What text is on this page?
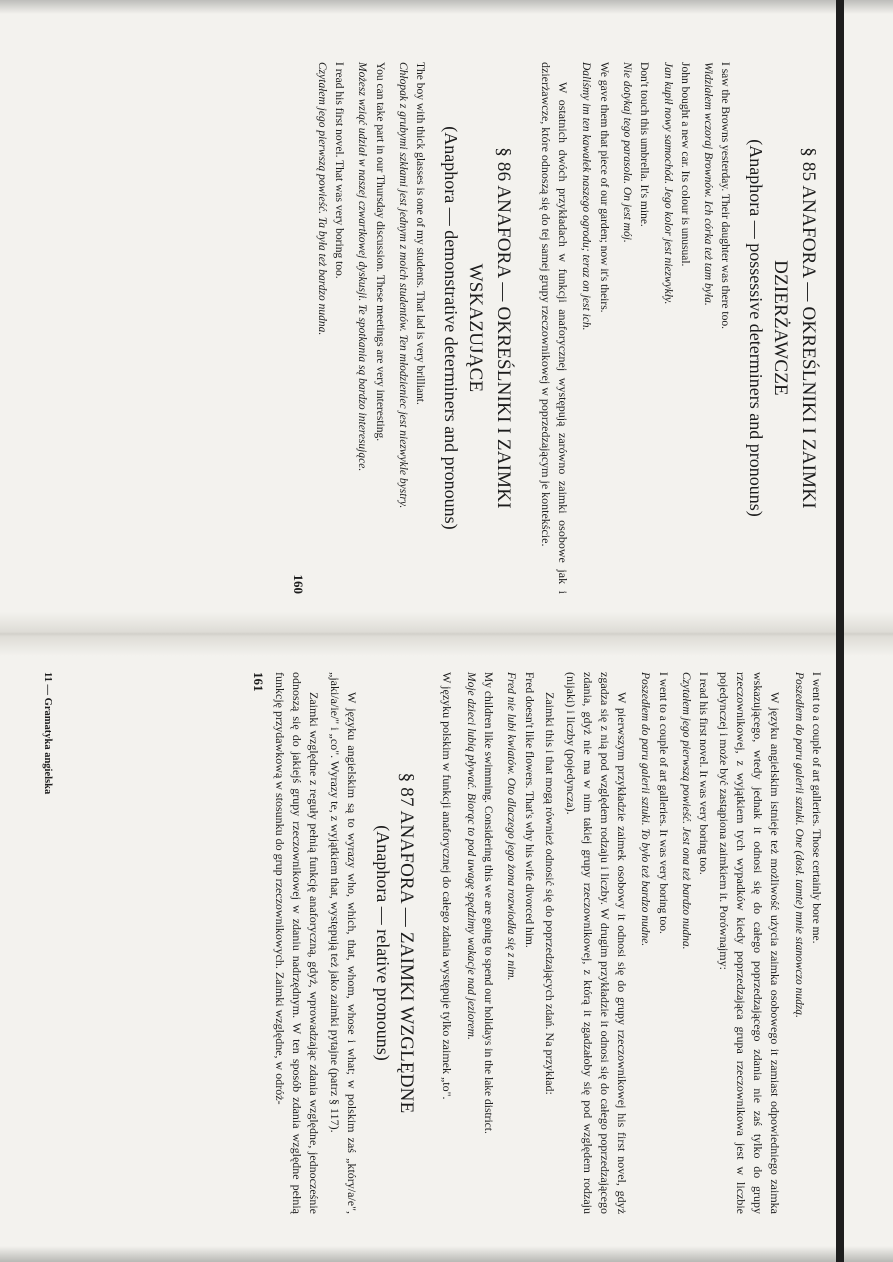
§ 85 ANAFORA — OKREŚLNIKI I ZAIMKI
DZIERŻAWCZE
(Anaphora — possessive determiners and pronouns)

I saw the Browns yesterday. Their daughter was there too.

Widziałem wczoraj Brownów. Ich córka też tam była.

John bought a new car. Its colour is unusual.

Jan kupił nowy samochód. Jego kolor jest niezwykły.

Don't touch this umbrella. It's mine.

Nie dotykaj tego parasola. On jest mój.

We gave them that piece of our garden; now it's theirs.

Daliśmy im ten kawałek naszego ogrodu; teraz on jest ich.

W ostatnich dwóch przykładach w funkcji anaforycznej występują zarówno zaimki osobowe jak i dzierżawcze, które odnoszą się do tej samej grupy rzeczownikowej w poprzedzającym je kontekście.

§ 86 ANAFORA — OKREŚLNIKI I ZAIMKI
WSKAZUJĄCE
(Anaphora — demonstrative determiners and pronouns)

The boy with thick glasses is one of my students. That lad is very brilliant.

Chłopak z grubymi szkłami jest jednym z moich studentów. Ten młodzieniec jest niezwykle bystry.

You can take part in our Thursday discussion. These meetings are very interesting.

Możesz wziąć udział w naszej czwartkowej dyskusji. Te spotkania są bardzo interesujące.

I read his first novel. That was very boring too.

Czytałem jego pierwszą powieść. Ta była też bardzo nudna.

160

I went to a couple of art galleries. Those certainly bore me.

Poszedłem do paru galerii sztuki. One (dosł. tamte) mnie stanowczo nudzą.

W języku angielskim istnieje też możliwość użycia zaimka osobowego it zamiast odpowiedniego zaimka wskazującego, wtedy jednak it odnosi się do całego poprzedzającego zdania nie zaś tylko do grupy rzeczownikowej, z wyjątkiem tych wypadków kiedy poprzedzająca grupa rzeczownikowa jest w liczbie pojedynczej i może być zastąpiona zaimkiem it. Porównajmy:

I read his first novel. It was very boring too.

Czytałem jego pierwszą powieść. Jest ona też bardzo nudna.

I went to a couple of art galleries. It was very boring too.

Poszedłem do paru galerii sztuki. To było też bardzo nudne.

W pierwszym przykładzie zaimek osobowy it odnosi się do grupy rzeczownikowej his first novel, gdyż zgadza się z nią pod względem rodzaju i liczby. W drugim przykładzie it odnosi się do całego poprzedzającego zdania, gdyż nie ma w nim takiej grupy rzeczownikowej, z którą it zgadzałoby się pod względem rodzaju (nijaki) i liczby (pojedyncza).

Zaimki this i that mogą również odnosić się do poprzedzających zdań. Na przykład:

Fred doesn't like flowers. That's why his wife divorced him.

Fred nie lubi kwiatów. Oto dlaczego jego żona rozwiodła się z nim.

My children like swimming. Considering this we are going to spend our holidays in the lake district.

Moje dzieci lubią pływać. Biorąc to pod uwagę spędzimy wakacje nad jeziorem.

W języku polskim w funkcji anaforycznej do całego zdania występuje tylko zaimek „to".

§ 87 ANAFORA — ZAIMKI WZGLĘDNE
(Anaphora — relative pronouns)

W języku angielskim są to wyrazy who, which, that, whom, whose i what; w polskim zaś „który/a/e", „jaki/a/ie/" i „co". Wyrazy te, z wyjątkiem that, występują też jako zaimki pytajne (patrz § 117).

Zaimki względne z reguły pełnią funkcję anaforyczną, gdyż, wprowadzając zdania względne, jednocześnie odnoszą się do jakiejś grupy rzeczownikowej w zdaniu nadrzędnym. W ten sposób zdania względne pełnią funkcję przydawkową w stosunku do grup rzeczownikowych. Zaimki względne, w odróż-

161
11 — Gramatyka angielska
